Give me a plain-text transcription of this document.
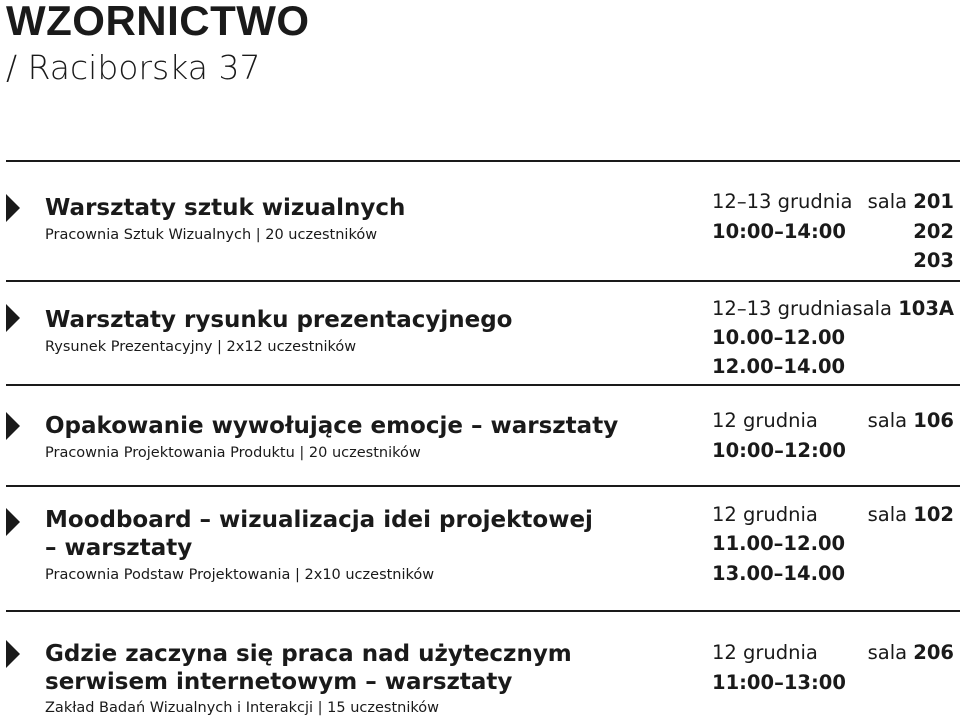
WZORNICTWO
/ Raciborska 37
Warsztaty sztuk wizualnych
Pracownia Sztuk Wizualnych | 20 uczestników
12–13 grudnia
10:00–14:00
sala 201
202
203
Warsztaty rysunku prezentacyjnego
Rysunek Prezentacyjny | 2x12 uczestników
12–13 grudnia
10.00–12.00
12.00–14.00
sala 103A
Opakowanie wywołujące emocje – warsztaty
Pracownia Projektowania Produktu | 20 uczestników
12 grudnia
10:00–12:00
sala 106
Moodboard – wizualizacja idei projektowej
– warsztaty
Pracownia Podstaw Projektowania | 2x10 uczestników
12 grudnia
11.00–12.00
13.00–14.00
sala 102
Gdzie zaczyna się praca nad użytecznym
serwisem internetowym – warsztaty
Zakład Badań Wizualnych i Interakcji | 15 uczestników
12 grudnia
11:00–13:00
sala 206
